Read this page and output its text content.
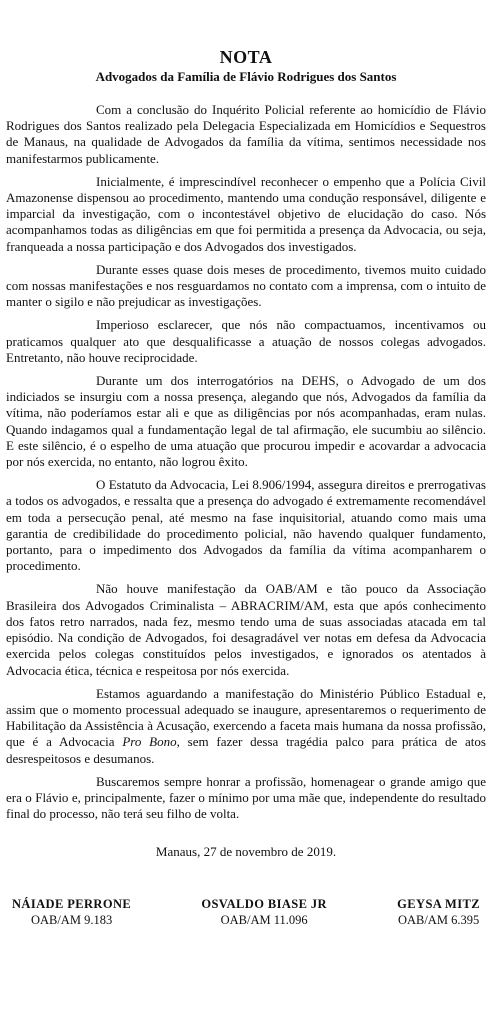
NOTA
Advogados da Família de Flávio Rodrigues dos Santos

Com a conclusão do Inquérito Policial referente ao homicídio de Flávio Rodrigues dos Santos realizado pela Delegacia Especializada em Homicídios e Sequestros de Manaus, na qualidade de Advogados da família da vítima, sentimos necessidade nos manifestarmos publicamente.

Inicialmente, é imprescindível reconhecer o empenho que a Polícia Civil Amazonense dispensou ao procedimento, mantendo uma condução responsável, diligente e imparcial da investigação, com o incontestável objetivo de elucidação do caso. Nós acompanhamos todas as diligências em que foi permitida a presença da Advocacia, ou seja, franqueada a nossa participação e dos Advogados dos investigados.

Durante esses quase dois meses de procedimento, tivemos muito cuidado com nossas manifestações e nos resguardamos no contato com a imprensa, com o intuito de manter o sigilo e não prejudicar as investigações.

Imperioso esclarecer, que nós não compactuamos, incentivamos ou praticamos qualquer ato que desqualificasse a atuação de nossos colegas advogados. Entretanto, não houve reciprocidade.

Durante um dos interrogatórios na DEHS, o Advogado de um dos indiciados se insurgiu com a nossa presença, alegando que nós, Advogados da família da vítima, não poderíamos estar ali e que as diligências por nós acompanhadas, eram nulas. Quando indagamos qual a fundamentação legal de tal afirmação, ele sucumbiu ao silêncio. E este silêncio, é o espelho de uma atuação que procurou impedir e acovardar a advocacia por nós exercida, no entanto, não logrou êxito.

O Estatuto da Advocacia, Lei 8.906/1994, assegura direitos e prerrogativas a todos os advogados, e ressalta que a presença do advogado é extremamente recomendável em toda a persecução penal, até mesmo na fase inquisitorial, atuando como mais uma garantia de credibilidade do procedimento policial, não havendo qualquer fundamento, portanto, para o impedimento dos Advogados da família da vítima acompanharem o procedimento.

Não houve manifestação da OAB/AM e tão pouco da Associação Brasileira dos Advogados Criminalista – ABRACRIM/AM, esta que após conhecimento dos fatos retro narrados, nada fez, mesmo tendo uma de suas associadas atacada em tal episódio. Na condição de Advogados, foi desagradável ver notas em defesa da Advocacia exercida pelos colegas constituídos pelos investigados, e ignorados os atentados à Advocacia ética, técnica e respeitosa por nós exercida.

Estamos aguardando a manifestação do Ministério Público Estadual e, assim que o momento processual adequado se inaugure, apresentaremos o requerimento de Habilitação da Assistência à Acusação, exercendo a faceta mais humana da nossa profissão, que é a Advocacia Pro Bono, sem fazer dessa tragédia palco para prática de atos desrespeitosos e desumanos.

Buscaremos sempre honrar a profissão, homenagear o grande amigo que era o Flávio e, principalmente, fazer o mínimo por uma mãe que, independente do resultado final do processo, não terá seu filho de volta.

Manaus, 27 de novembro de 2019.
NÁIADE PERRONE
OAB/AM 9.183
OSVALDO BIASE JR
OAB/AM 11.096
GEYSA MITZ
OAB/AM 6.395
